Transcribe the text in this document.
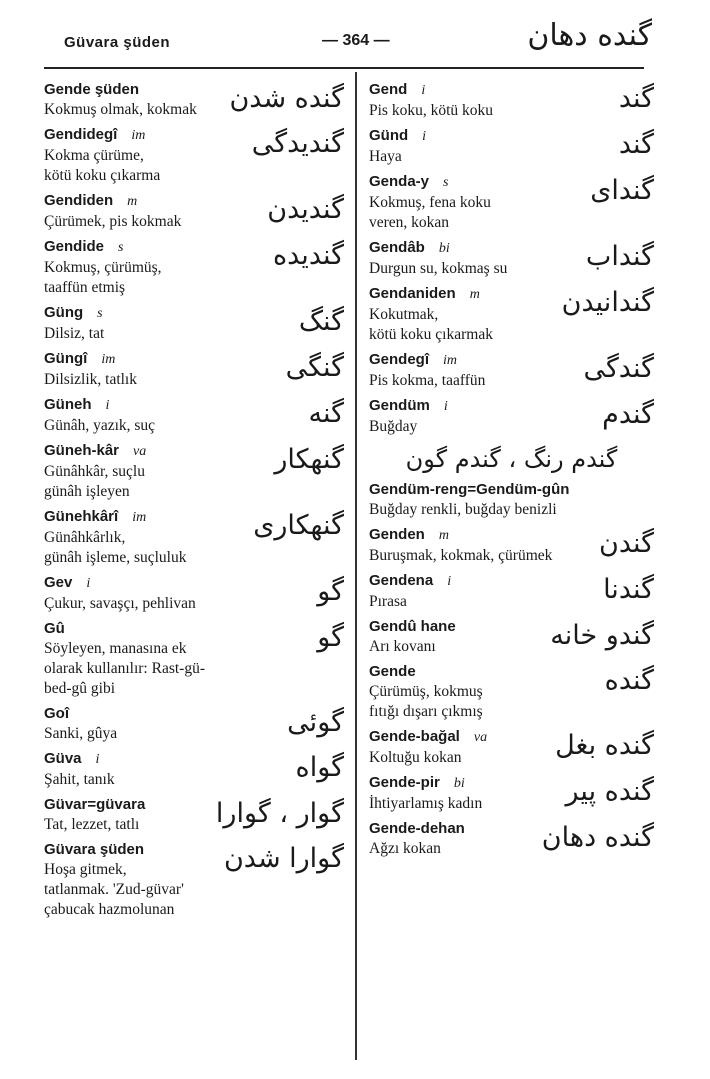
Güvara şüden	— 364 —	گنده دهان
Gende şüden
Kokmuş olmak, kokmak	گنده شدن
Gendidegî im
Kokma çürüme,
kötü koku çıkarma
گندیدگی
Gendiden m
Çürümek, pis kokmak	گندیدن
Gendide s
Kokmuş, çürümüş,
taaffün etmiş
گندیده
Güng s
Dilsiz, tat	گنگ
Güngî im
Dilsizlik, tatlık	گنگی
Güneh i
Günâh, yazık, suç	گنه
Güneh-kâr va
Günâhkâr, suçlu
günâh işleyen
گنهکار
Günehkârî im
Günâhkârlık,
günâh işleme, suçluluk
گنهکاری
Gev i
Çukur, savaşçı, pehlivan	گو
Gû
Söyleyen, manasına ek
olarak kullanılır: Rast-gü-
bed-gû gibi
گو
Goî
Sanki, gûya	گوئی
Güva i
Şahit, tanık	گواه
Güvar=güvara
Tat, lezzet, tatlı	گوار ، گوارا
Güvara şüden
Hoşa gitmek,
tatlanmak. 'Zud-güvar'
çabucak hazmolunan
گوارا شدن
Gend i
Pis koku, kötü koku	گند
Günd i
Haya	گند
Genda-y s
Kokmuş, fena koku
veren, kokan
گندای
Gendâb bi
Durgun su, kokmaş su	گنداب
Gendaniden m
Kokutmak,
kötü koku çıkarmak
گندانیدن
Gendegî im
Pis kokma, taaffün	گندگی
Gendüm i
Buğday	گندم
گندم رنگ ، گندم گون
Gendüm-reng=Gendüm-gûn
Buğday renkli, buğday benizli
Genden m
Buruşmak, kokmak, çürümek	گندن
Gendena i
Pırasa	گندنا
Gendû hane
Arı kovanı	گندو خانه
Gende
Çürümüş, kokmuş
fıtığı dışarı çıkmış
گنده
Gende-bağal va
Koltuğu kokan	گنده بغل
Gende-pir bi
İhtiyarlamış kadın	گنده پیر
Gende-dehan
Ağzı kokan	گنده دهان
